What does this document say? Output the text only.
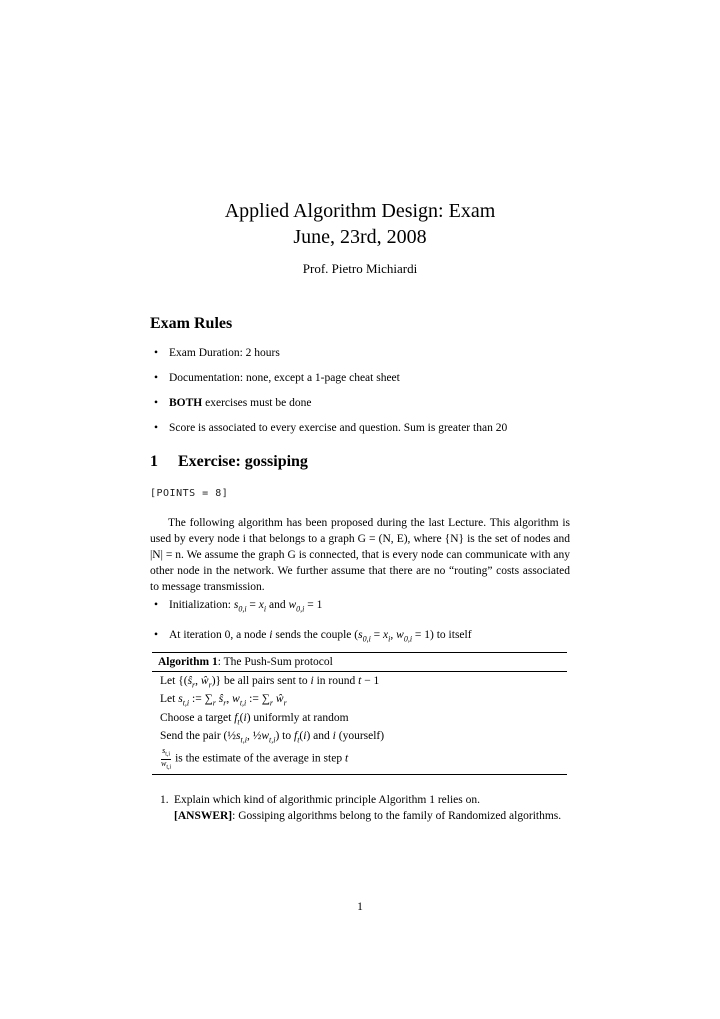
Applied Algorithm Design: Exam
June, 23rd, 2008
Prof. Pietro Michiardi
Exam Rules
• Exam Duration: 2 hours
• Documentation: none, except a 1-page cheat sheet
• BOTH exercises must be done
• Score is associated to every exercise and question. Sum is greater than 20
1 Exercise: gossiping
[POINTS = 8]
The following algorithm has been proposed during the last Lecture. This algorithm is used by every node i that belongs to a graph G = (N, E), where {N} is the set of nodes and |N| = n. We assume the graph G is connected, that is every node can communicate with any other node in the network. We further assume that there are no “routing” costs associated to message transmission.
• Initialization: $s_{0,i} = x_i$ and $w_{0,i} = 1$
• At iteration 0, a node i sends the couple ($s_{0,i} = x_i$, $w_{0,i} = 1$) to itself
Algorithm 1: The Push-Sum protocol
Let {($ŝ_r$, $ŵ_r$)} be all pairs sent to i in round t − 1
Let $s_{t,i}$ := $\sum_r$ $ŝ_r$, $w_{t,i}$ := $\sum_r$ $ŵ_r$
Choose a target $f_t(i)$ uniformly at random
Send the pair ($\frac{1}{2}s_{t,i}$, $\frac{1}{2}w_{t,i}$) to $f_t(i)$ and i (yourself)
$\frac{s_{t,i}}{w_{t,i}}$ is the estimate of the average in step t
1. Explain which kind of algorithmic principle Algorithm 1 relies on.
[ANSWER]: Gossiping algorithms belong to the family of Randomized algorithms.
1
